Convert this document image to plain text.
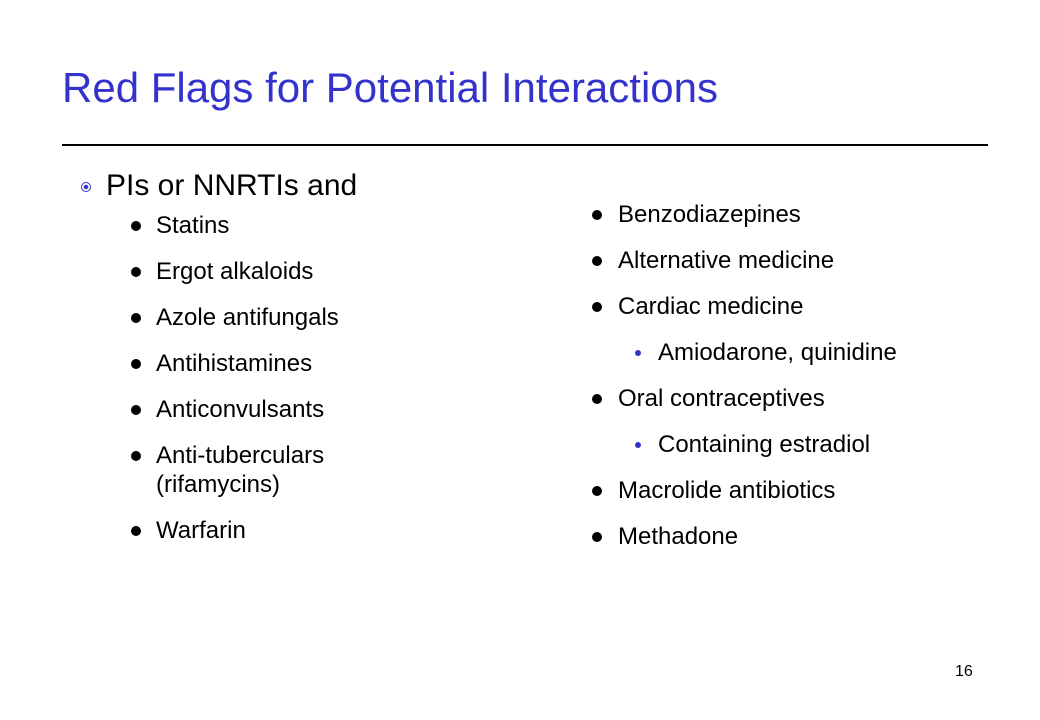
Red Flags for Potential Interactions
PIs or NNRTIs and
Statins
Ergot alkaloids
Azole antifungals
Antihistamines
Anticonvulsants
Anti-tuberculars (rifamycins)
Warfarin
Benzodiazepines
Alternative medicine
Cardiac medicine
Amiodarone, quinidine
Oral contraceptives
Containing estradiol
Macrolide antibiotics
Methadone
16
